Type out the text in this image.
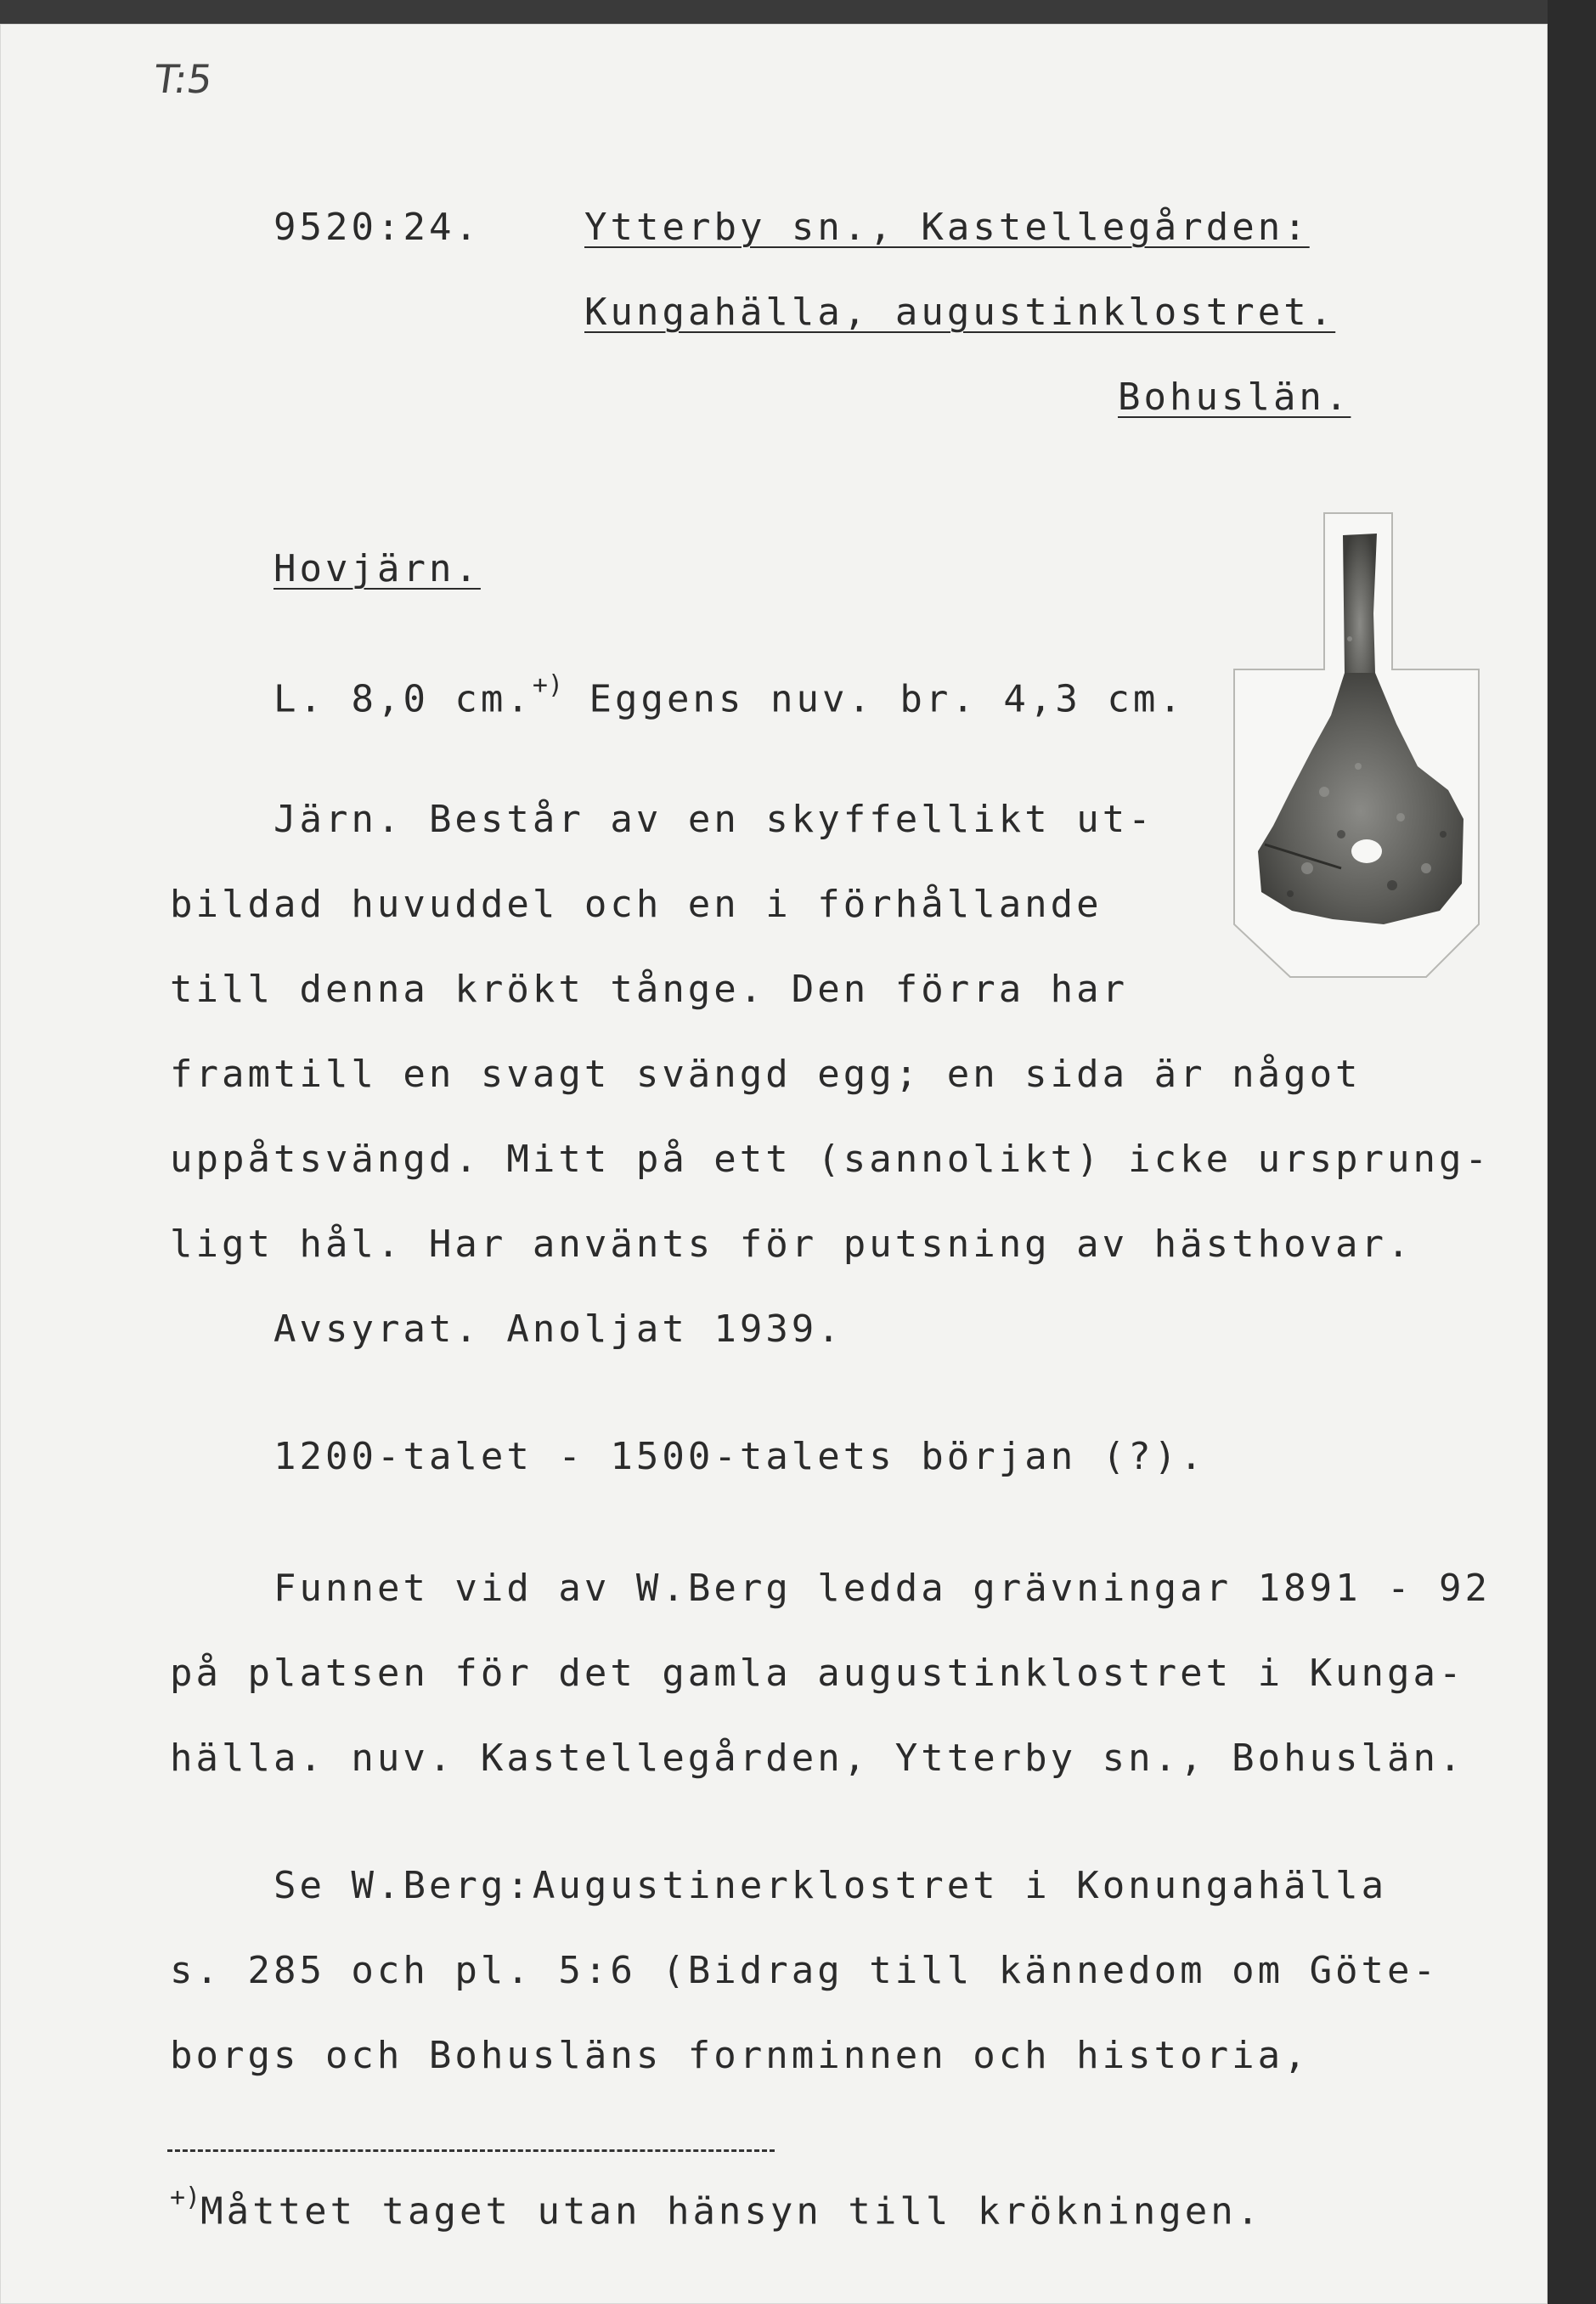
T:5
9520:24.	Ytterby sn., Kastellegården:
Kungahälla, augustinklostret.
Bohuslän.
Hovjärn.
L. 8,0 cm.+) Eggens nuv. br. 4,3 cm.
Järn. Består av en skyffellikt ut-
bildad huvuddel och en i förhållande
till denna krökt tånge. Den förra har
framtill en svagt svängd egg; en sida är något
uppåtsvängd. Mitt på ett (sannolikt) icke ursprung-
ligt hål. Har använts för putsning av hästhovar.
Avsyrat. Anoljat 1939.
1200-talet - 1500-talets början (?).
Funnet vid av W.Berg ledda grävningar 1891 - 92
på platsen för det gamla augustinklostret i Kunga-
hälla. nuv. Kastellegården, Ytterby sn., Bohuslän.
Se W.Berg:Augustinerklostret i Konungahälla
s. 285 och pl. 5:6 (Bidrag till kännedom om Göte-
borgs och Bohusläns fornminnen och historia,
+)Måttet taget utan hänsyn till krökningen.
